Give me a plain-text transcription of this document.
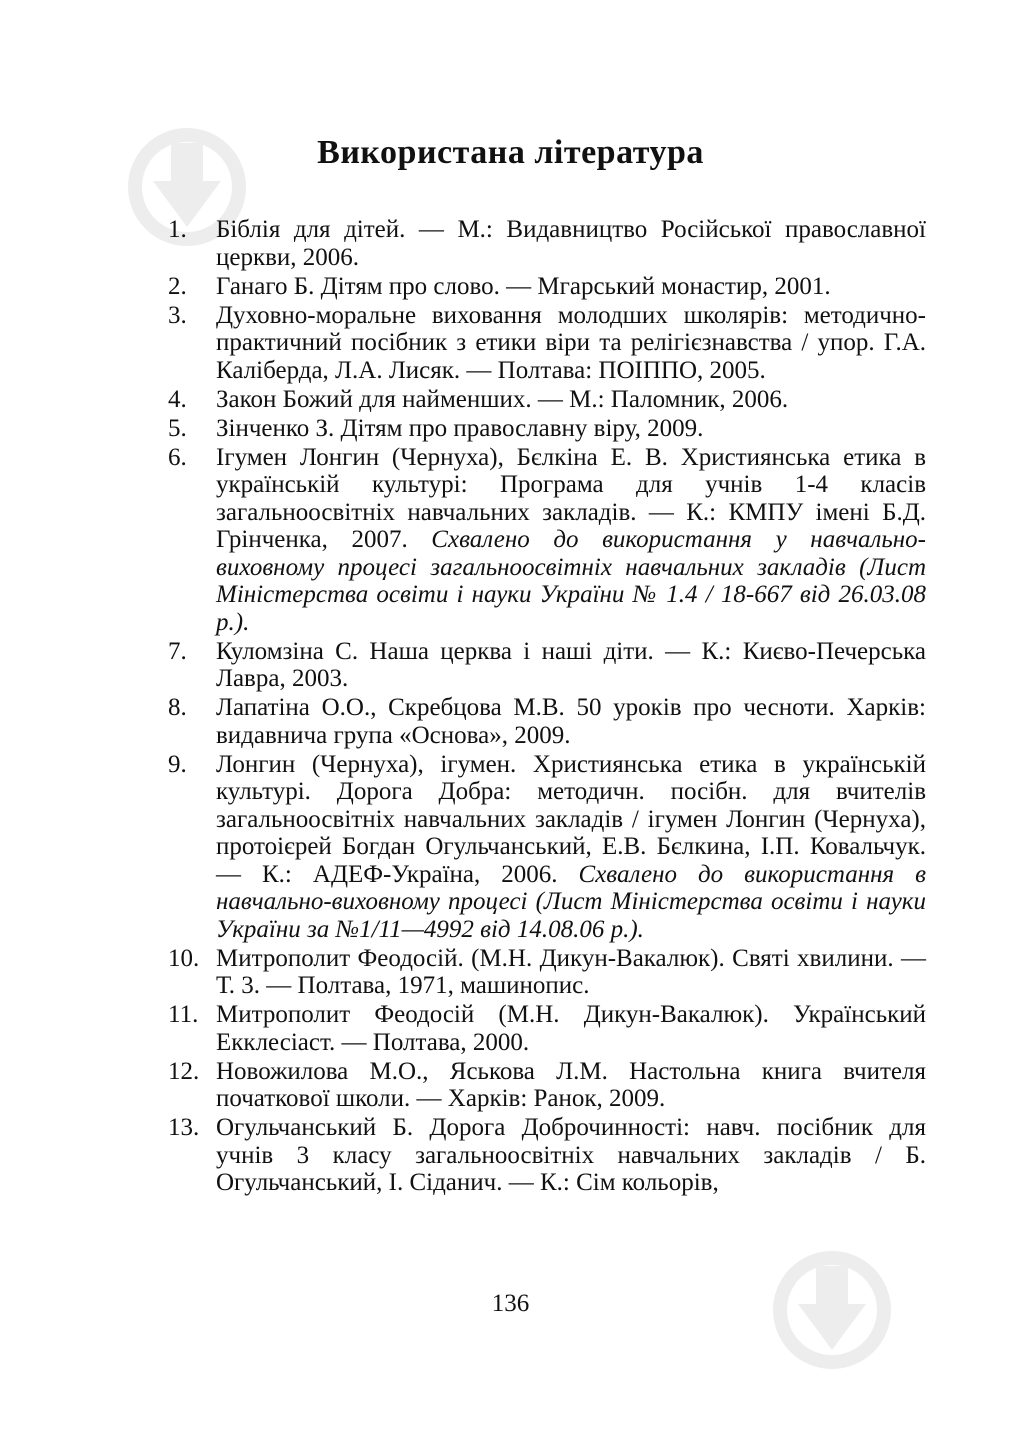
Використана література
1. Біблія для дітей. — М.: Видавництво Російської православної церкви, 2006.
2. Ганаго Б. Дітям про слово. — Мгарський монастир, 2001.
3. Духовно-моральне виховання молодших школярів: методично-практичний посібник з етики віри та релігієзнавства / упор. Г.А. Каліберда, Л.А. Лисяк. — Полтава: ПОІППО, 2005.
4. Закон Божий для найменших. — М.: Паломник, 2006.
5. Зінченко З. Дітям про православну віру, 2009.
6. Ігумен Лонгин (Чернуха), Бєлкіна Е. В. Християнська етика в українській культурі: Програма для учнів 1-4 класів загальноосвітніх навчальних закладів. — К.: КМПУ імені Б.Д. Грінченка, 2007. Схвалено до використання у навчально-виховному процесі загальноосвітніх навчальних закладів (Лист Міністерства освіти і науки України № 1.4 / 18-667 від 26.03.08 р.).
7. Куломзіна С. Наша церква і наші діти. — К.: Києво-Печерська Лавра, 2003.
8. Лапатіна О.О., Скребцова М.В. 50 уроків про чесноти. Харків: видавнича група «Основа», 2009.
9. Лонгин (Чернуха), ігумен. Християнська етика в українській культурі. Дорога Добра: методичн. посібн. для вчителів загальноосвітніх навчальних закладів / ігумен Лонгин (Чернуха), протоієрей Богдан Огульчанський, Е.В. Бєлкина, І.П. Ковальчук. — К.: АДЕФ-Україна, 2006. Схвалено до використання в навчально-виховному процесі (Лист Міністерства освіти і науки України за №1/11—4992 від 14.08.06 р.).
10. Митрополит Феодосій. (М.Н. Дикун-Вакалюк). Святі хвилини. — Т. 3. — Полтава, 1971, машинопис.
11. Митрополит Феодосій (М.Н. Дикун-Вакалюк). Український Екклесіаст. — Полтава, 2000.
12. Новожилова М.О., Яськова Л.М. Настольна книга вчителя початкової школи. — Харків: Ранок, 2009.
13. Огульчанський Б. Дорога Доброчинності: навч. посібник для учнів 3 класу загальноосвітніх навчальних закладів / Б. Огульчанський, І. Сіданич. — К.: Сім кольорів,
136
